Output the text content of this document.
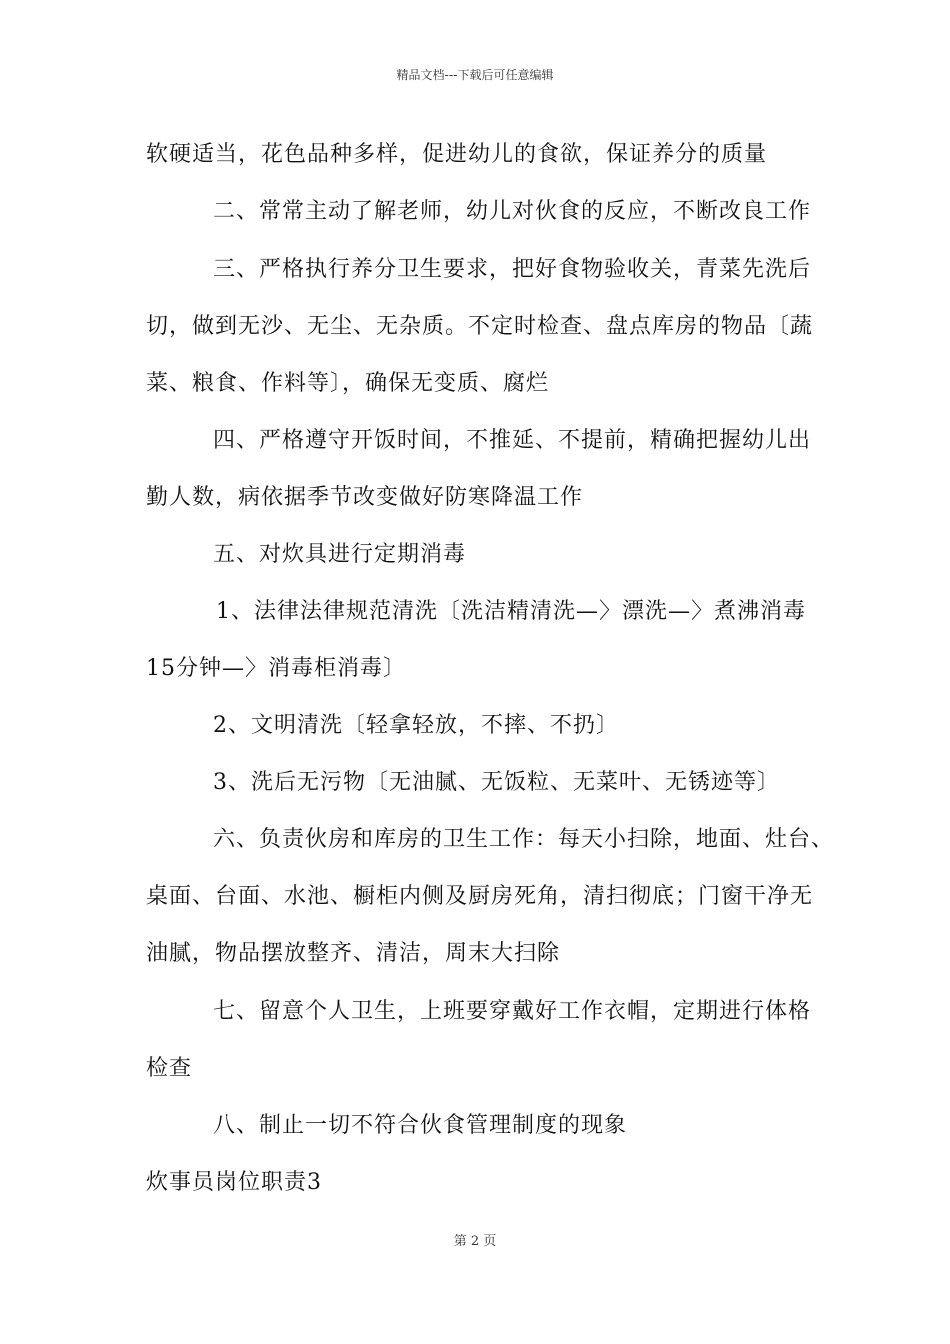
精品文档---下载后可任意编辑
软硬适当，花色品种多样，促进幼儿的食欲，保证养分的质量
二、常常主动了解老师，幼儿对伙食的反应，不断改良工作
三、严格执行养分卫生要求，把好食物验收关，青菜先洗后
切，做到无沙、无尘、无杂质。不定时检查、盘点库房的物品〔蔬
菜、粮食、作料等〕，确保无变质、腐烂
四、严格遵守开饭时间，不推延、不提前，精确把握幼儿出
勤人数，病依据季节改变做好防寒降温工作
五、对炊具进行定期消毒
1、法律法律规范清洗〔洗洁精清洗—〉漂洗—〉煮沸消毒
15分钟—〉消毒柜消毒〕
2、文明清洗〔轻拿轻放，不摔、不扔〕
3、洗后无污物〔无油腻、无饭粒、无菜叶、无锈迹等〕
六、负责伙房和库房的卫生工作：每天小扫除，地面、灶台、
桌面、台面、水池、橱柜内侧及厨房死角，清扫彻底；门窗干净无
油腻，物品摆放整齐、清洁，周末大扫除
七、留意个人卫生，上班要穿戴好工作衣帽，定期进行体格
检查
八、制止一切不符合伙食管理制度的现象
炊事员岗位职责3
第 2 页
